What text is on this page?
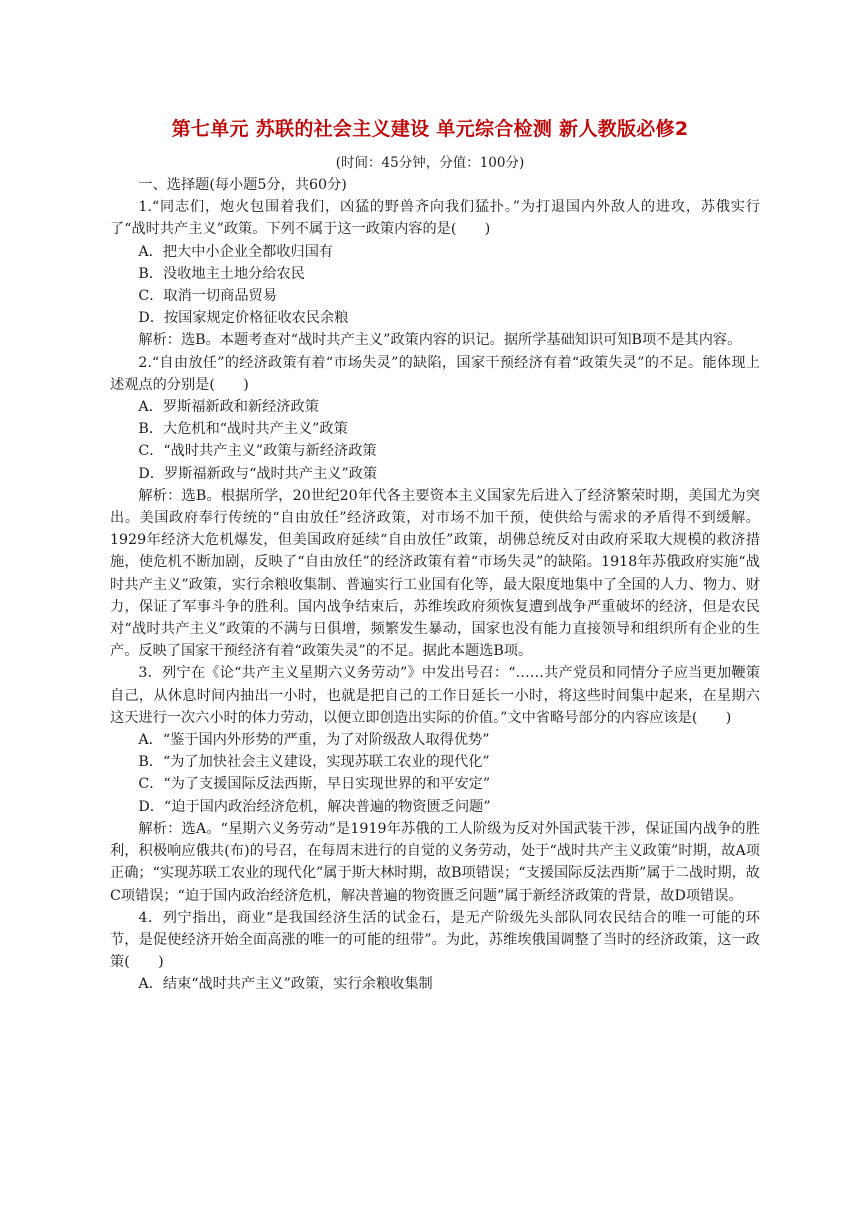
第七单元 苏联的社会主义建设 单元综合检测 新人教版必修2
(时间：45分钟，分值：100分)

一、选择题(每小题5分，共60分)

1.“同志们，炮火包围着我们，凶猛的野兽齐向我们猛扑。”为打退国内外敌人的进攻，苏俄实行了“战时共产主义”政策。下列不属于这一政策内容的是(　　)

A．把大中小企业全都收归国有

B．没收地主土地分给农民

C．取消一切商品贸易

D．按国家规定价格征收农民余粮

解析：选B。本题考查对“战时共产主义”政策内容的识记。据所学基础知识可知B项不是其内容。

2.“自由放任”的经济政策有着“市场失灵”的缺陷，国家干预经济有着“政策失灵”的不足。能体现上述观点的分别是(　　)

A．罗斯福新政和新经济政策

B．大危机和“战时共产主义”政策

C．“战时共产主义”政策与新经济政策

D．罗斯福新政与“战时共产主义”政策

解析：选B。根据所学，20世纪20年代各主要资本主义国家先后进入了经济繁荣时期，美国尤为突出。美国政府奉行传统的“自由放任”经济政策，对市场不加干预，使供给与需求的矛盾得不到缓解。1929年经济大危机爆发，但美国政府延续“自由放任”政策，胡佛总统反对由政府采取大规模的救济措施，使危机不断加剧，反映了“自由放任”的经济政策有着“市场失灵”的缺陷。1918年苏俄政府实施“战时共产主义”政策，实行余粮收集制、普遍实行工业国有化等，最大限度地集中了全国的人力、物力、财力，保证了军事斗争的胜利。国内战争结束后，苏维埃政府须恢复遭到战争严重破坏的经济，但是农民对“战时共产主义”政策的不满与日俱增，频繁发生暴动，国家也没有能力直接领导和组织所有企业的生产。反映了国家干预经济有着“政策失灵”的不足。据此本题选B项。

3．列宁在《论“共产主义星期六义务劳动”》中发出号召：“……共产党员和同情分子应当更加鞭策自己，从休息时间内抽出一小时，也就是把自己的工作日延长一小时，将这些时间集中起来，在星期六这天进行一次六小时的体力劳动，以便立即创造出实际的价值。”文中省略号部分的内容应该是(　　)

A．“鉴于国内外形势的严重，为了对阶级敌人取得优势”

B．“为了加快社会主义建设，实现苏联工农业的现代化”

C．“为了支援国际反法西斯，早日实现世界的和平安定”

D．“迫于国内政治经济危机，解决普遍的物资匮乏问题”

解析：选A。“星期六义务劳动”是1919年苏俄的工人阶级为反对外国武装干涉，保证国内战争的胜利，积极响应俄共(布)的号召，在每周末进行的自觉的义务劳动，处于“战时共产主义政策”时期，故A项正确；“实现苏联工农业的现代化”属于斯大林时期，故B项错误；“支援国际反法西斯”属于二战时期，故C项错误；“迫于国内政治经济危机，解决普遍的物资匮乏问题”属于新经济政策的背景，故D项错误。

4．列宁指出，商业“是我国经济生活的试金石，是无产阶级先头部队同农民结合的唯一可能的环节，是促使经济开始全面高涨的唯一的可能的纽带”。为此，苏维埃俄国调整了当时的经济政策，这一政策(　　)

A．结束“战时共产主义”政策，实行余粮收集制
